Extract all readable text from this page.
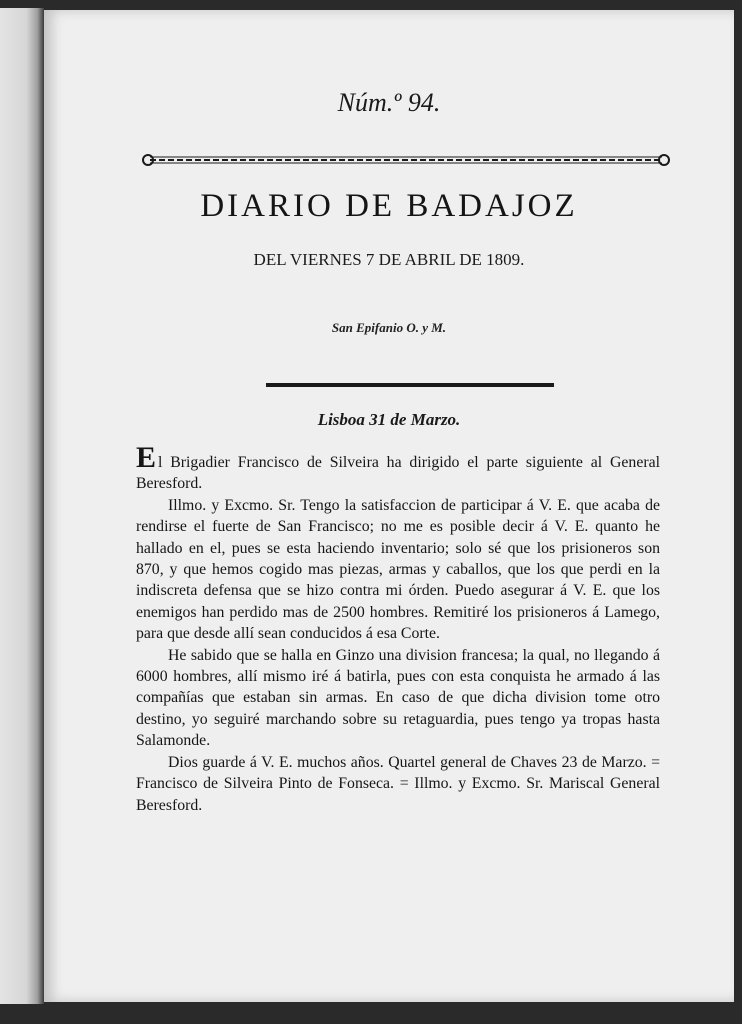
Núm.º 94.
DIARIO DE BADAJOZ
DEL VIERNES 7 DE ABRIL DE 1809.
San Epifanio O. y M.
Lisboa 31 de Marzo.

El Brigadier Francisco de Silveira ha dirigido el parte siguiente al General Beresford.

Illmo. y Excmo. Sr. Tengo la satisfaccion de participar á V. E. que acaba de rendirse el fuerte de San Francisco; no me es posible decir á V. E. quanto he hallado en el, pues se esta haciendo inventario; solo sé que los prisioneros son 870, y que hemos cogido mas piezas, armas y caballos, que los que perdi en la indiscreta defensa que se hizo contra mi órden. Puedo asegurar á V. E. que los enemigos han perdido mas de 2500 hombres. Remitiré los prisioneros á Lamego, para que desde allí sean conducidos á esa Corte.

He sabido que se halla en Ginzo una division francesa; la qual, no llegando á 6000 hombres, allí mismo iré á batirla, pues con esta conquista he armado á las compañías que estaban sin armas. En caso de que dicha division tome otro destino, yo seguiré marchando sobre su retaguardia, pues tengo ya tropas hasta Salamonde.

Dios guarde á V. E. muchos años. Quartel general de Chaves 23 de Marzo. = Francisco de Silveira Pinto de Fonseca. = Illmo. y Excmo. Sr. Mariscal General Beresford.
